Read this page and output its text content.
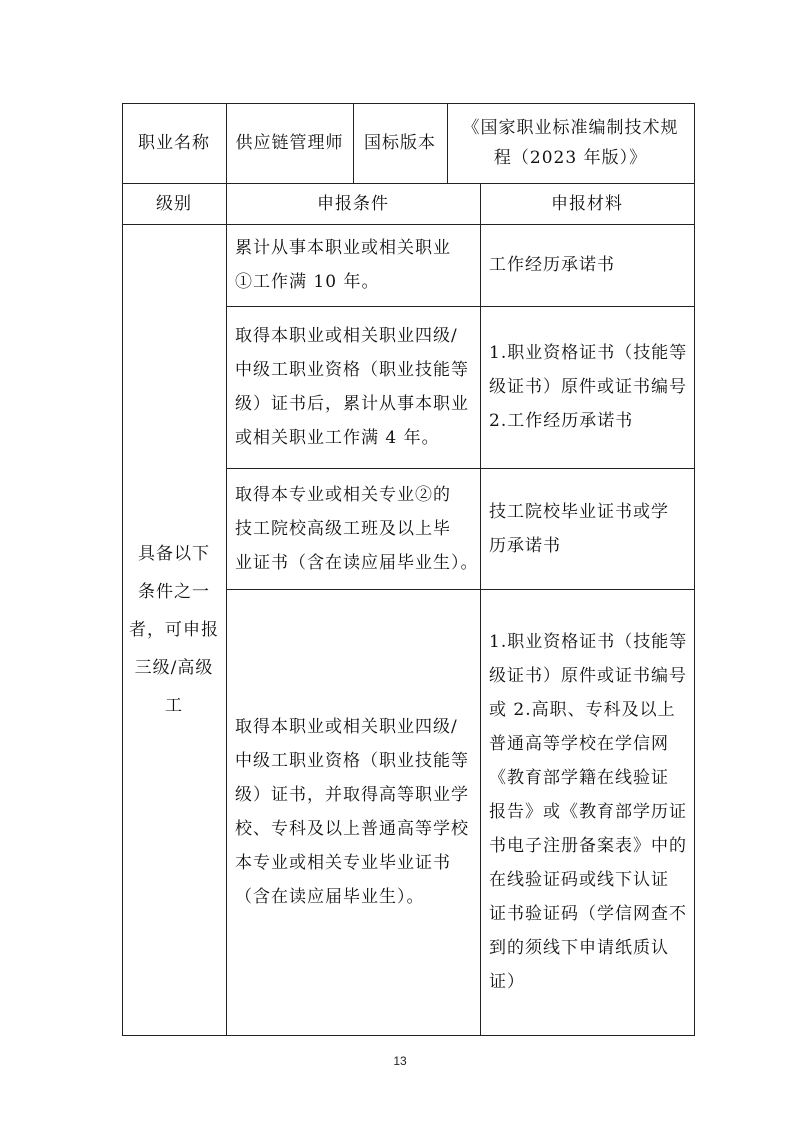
职业名称 供应链管理师 国标版本
《国家职业标准编制技术规
程（2023 年版）》
级别	申报条件	申报材料
具备以下
条件之一
者，可申报
三级/高级
工
累计从事本职业或相关职业
①工作满 10 年。
工作经历承诺书
取得本职业或相关职业四级/
中级工职业资格（职业技能等
级）证书后，累计从事本职业
或相关职业工作满 4 年。
1.职业资格证书（技能等
级证书）原件或证书编号
2.工作经历承诺书
取得本专业或相关专业②的
技工院校高级工班及以上毕
业证书（含在读应届毕业生）。
技工院校毕业证书或学
历承诺书
取得本职业或相关职业四级/
中级工职业资格（职业技能等
级）证书，并取得高等职业学
校、专科及以上普通高等学校
本专业或相关专业毕业证书
（含在读应届毕业生）。
1.职业资格证书（技能等
级证书）原件或证书编号
或 2.高职、专科及以上
普通高等学校在学信网
《教育部学籍在线验证
报告》或《教育部学历证
书电子注册备案表》中的
在线验证码或线下认证
证书验证码（学信网查不
到的须线下申请纸质认
证）
13
